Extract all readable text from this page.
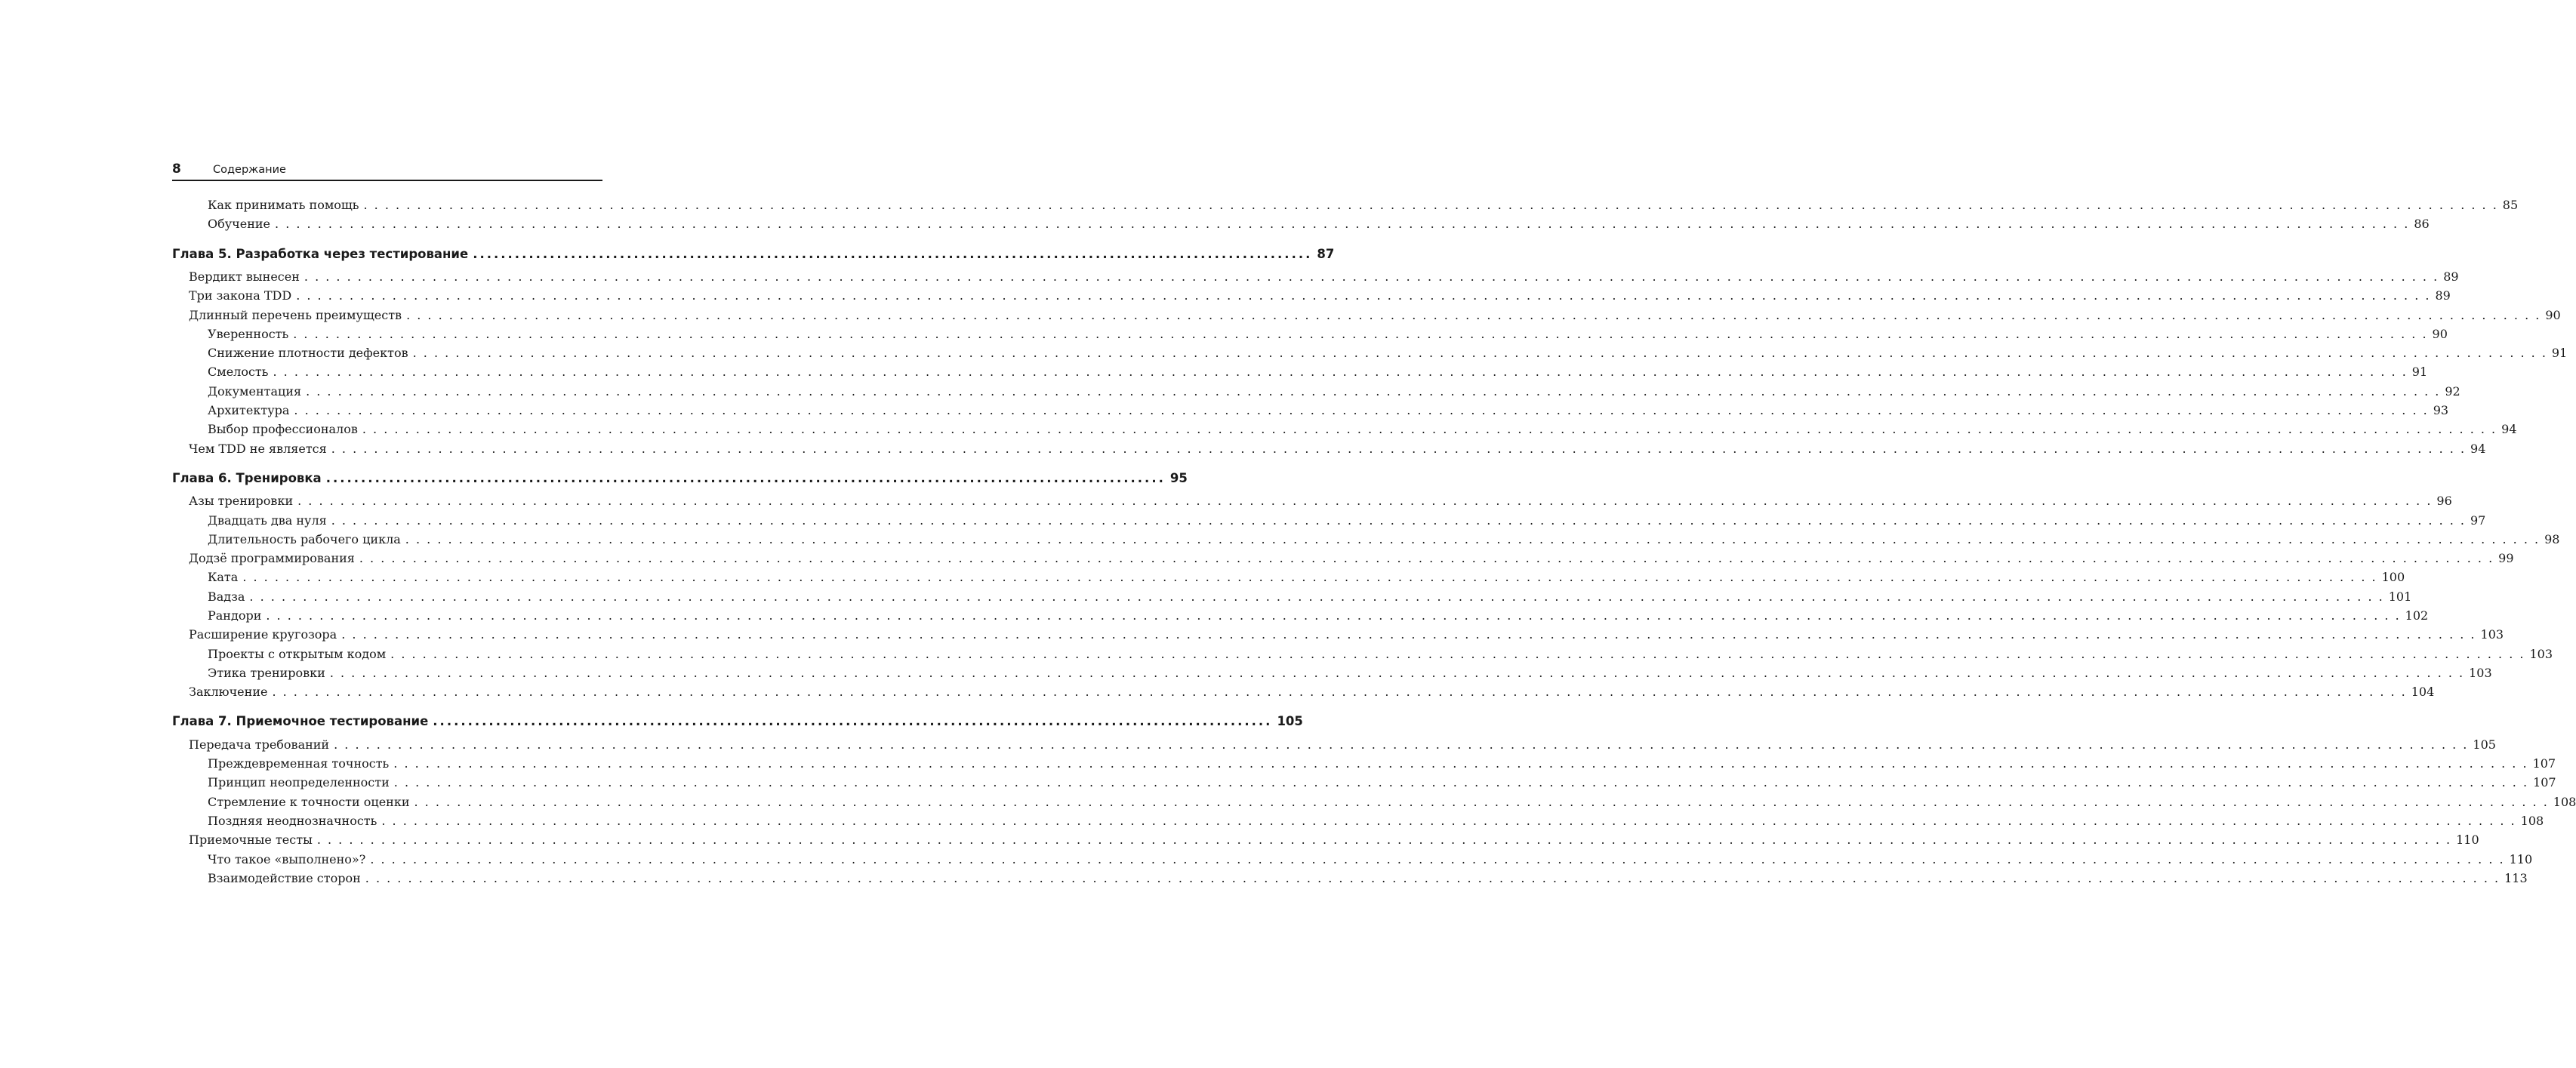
8	Содержание
Как принимать помощь . . . . . . . . . . . . . . . . . . . . . . . . . . . . . . . . . . . . . . . . . . . . . . . . . . . . . . . . . . . . . . . . . . . . . . . . . . . . . . . . . . . . . . . . . . . . . . . . . . . . . . . . . . . . . . . . . . . . . . . . . . . . . . . . . . . . . . . . . . . . . . . . . . . . . . . . . . . . . . . . . . . . . . . . . . . . . . . . . . . . . . . . . . . . . . . . . . . . . . . . 85
Обучение . . . . . . . . . . . . . . . . . . . . . . . . . . . . . . . . . . . . . . . . . . . . . . . . . . . . . . . . . . . . . . . . . . . . . . . . . . . . . . . . . . . . . . . . . . . . . . . . . . . . . . . . . . . . . . . . . . . . . . . . . . . . . . . . . . . . . . . . . . . . . . . . . . . . . . . . . . . . . . . . . . . . . . . . . . . . . . . . . . . . . . . . . . . . . . . . . . . . . . . . 86
Глава 5. Разработка через тестирование ........................................................................................................................ 87
Вердикт вынесен . . . . . . . . . . . . . . . . . . . . . . . . . . . . . . . . . . . . . . . . . . . . . . . . . . . . . . . . . . . . . . . . . . . . . . . . . . . . . . . . . . . . . . . . . . . . . . . . . . . . . . . . . . . . . . . . . . . . . . . . . . . . . . . . . . . . . . . . . . . . . . . . . . . . . . . . . . . . . . . . . . . . . . . . . . . . . . . . . . . . . . . . . . . . . . . . . . . . . . . . 89
Три закона TDD . . . . . . . . . . . . . . . . . . . . . . . . . . . . . . . . . . . . . . . . . . . . . . . . . . . . . . . . . . . . . . . . . . . . . . . . . . . . . . . . . . . . . . . . . . . . . . . . . . . . . . . . . . . . . . . . . . . . . . . . . . . . . . . . . . . . . . . . . . . . . . . . . . . . . . . . . . . . . . . . . . . . . . . . . . . . . . . . . . . . . . . . . . . . . . . . . . . . . . . . 89
Длинный перечень преимуществ . . . . . . . . . . . . . . . . . . . . . . . . . . . . . . . . . . . . . . . . . . . . . . . . . . . . . . . . . . . . . . . . . . . . . . . . . . . . . . . . . . . . . . . . . . . . . . . . . . . . . . . . . . . . . . . . . . . . . . . . . . . . . . . . . . . . . . . . . . . . . . . . . . . . . . . . . . . . . . . . . . . . . . . . . . . . . . . . . . . . . . . . . . . . . . . . . . . . . . . . 90
Уверенность . . . . . . . . . . . . . . . . . . . . . . . . . . . . . . . . . . . . . . . . . . . . . . . . . . . . . . . . . . . . . . . . . . . . . . . . . . . . . . . . . . . . . . . . . . . . . . . . . . . . . . . . . . . . . . . . . . . . . . . . . . . . . . . . . . . . . . . . . . . . . . . . . . . . . . . . . . . . . . . . . . . . . . . . . . . . . . . . . . . . . . . . . . . . . . . . . . . . . . . . 90
Снижение плотности дефектов . . . . . . . . . . . . . . . . . . . . . . . . . . . . . . . . . . . . . . . . . . . . . . . . . . . . . . . . . . . . . . . . . . . . . . . . . . . . . . . . . . . . . . . . . . . . . . . . . . . . . . . . . . . . . . . . . . . . . . . . . . . . . . . . . . . . . . . . . . . . . . . . . . . . . . . . . . . . . . . . . . . . . . . . . . . . . . . . . . . . . . . . . . . . . . . . . . . . . . . . 91
Смелость . . . . . . . . . . . . . . . . . . . . . . . . . . . . . . . . . . . . . . . . . . . . . . . . . . . . . . . . . . . . . . . . . . . . . . . . . . . . . . . . . . . . . . . . . . . . . . . . . . . . . . . . . . . . . . . . . . . . . . . . . . . . . . . . . . . . . . . . . . . . . . . . . . . . . . . . . . . . . . . . . . . . . . . . . . . . . . . . . . . . . . . . . . . . . . . . . . . . . . . . 91
Документация . . . . . . . . . . . . . . . . . . . . . . . . . . . . . . . . . . . . . . . . . . . . . . . . . . . . . . . . . . . . . . . . . . . . . . . . . . . . . . . . . . . . . . . . . . . . . . . . . . . . . . . . . . . . . . . . . . . . . . . . . . . . . . . . . . . . . . . . . . . . . . . . . . . . . . . . . . . . . . . . . . . . . . . . . . . . . . . . . . . . . . . . . . . . . . . . . . . . . . . . 92
Архитектура . . . . . . . . . . . . . . . . . . . . . . . . . . . . . . . . . . . . . . . . . . . . . . . . . . . . . . . . . . . . . . . . . . . . . . . . . . . . . . . . . . . . . . . . . . . . . . . . . . . . . . . . . . . . . . . . . . . . . . . . . . . . . . . . . . . . . . . . . . . . . . . . . . . . . . . . . . . . . . . . . . . . . . . . . . . . . . . . . . . . . . . . . . . . . . . . . . . . . . . . 93
Выбор профессионалов . . . . . . . . . . . . . . . . . . . . . . . . . . . . . . . . . . . . . . . . . . . . . . . . . . . . . . . . . . . . . . . . . . . . . . . . . . . . . . . . . . . . . . . . . . . . . . . . . . . . . . . . . . . . . . . . . . . . . . . . . . . . . . . . . . . . . . . . . . . . . . . . . . . . . . . . . . . . . . . . . . . . . . . . . . . . . . . . . . . . . . . . . . . . . . . . . . . . . . . . 94
Чем TDD не является . . . . . . . . . . . . . . . . . . . . . . . . . . . . . . . . . . . . . . . . . . . . . . . . . . . . . . . . . . . . . . . . . . . . . . . . . . . . . . . . . . . . . . . . . . . . . . . . . . . . . . . . . . . . . . . . . . . . . . . . . . . . . . . . . . . . . . . . . . . . . . . . . . . . . . . . . . . . . . . . . . . . . . . . . . . . . . . . . . . . . . . . . . . . . . . . . . . . . . . . 94
Глава 6. Тренировка ........................................................................................................................ 95
Азы тренировки . . . . . . . . . . . . . . . . . . . . . . . . . . . . . . . . . . . . . . . . . . . . . . . . . . . . . . . . . . . . . . . . . . . . . . . . . . . . . . . . . . . . . . . . . . . . . . . . . . . . . . . . . . . . . . . . . . . . . . . . . . . . . . . . . . . . . . . . . . . . . . . . . . . . . . . . . . . . . . . . . . . . . . . . . . . . . . . . . . . . . . . . . . . . . . . . . . . . . . . . 96
Двадцать два нуля . . . . . . . . . . . . . . . . . . . . . . . . . . . . . . . . . . . . . . . . . . . . . . . . . . . . . . . . . . . . . . . . . . . . . . . . . . . . . . . . . . . . . . . . . . . . . . . . . . . . . . . . . . . . . . . . . . . . . . . . . . . . . . . . . . . . . . . . . . . . . . . . . . . . . . . . . . . . . . . . . . . . . . . . . . . . . . . . . . . . . . . . . . . . . . . . . . . . . . . . 97
Длительность рабочего цикла . . . . . . . . . . . . . . . . . . . . . . . . . . . . . . . . . . . . . . . . . . . . . . . . . . . . . . . . . . . . . . . . . . . . . . . . . . . . . . . . . . . . . . . . . . . . . . . . . . . . . . . . . . . . . . . . . . . . . . . . . . . . . . . . . . . . . . . . . . . . . . . . . . . . . . . . . . . . . . . . . . . . . . . . . . . . . . . . . . . . . . . . . . . . . . . . . . . . . . . . 98
Додзё программирования . . . . . . . . . . . . . . . . . . . . . . . . . . . . . . . . . . . . . . . . . . . . . . . . . . . . . . . . . . . . . . . . . . . . . . . . . . . . . . . . . . . . . . . . . . . . . . . . . . . . . . . . . . . . . . . . . . . . . . . . . . . . . . . . . . . . . . . . . . . . . . . . . . . . . . . . . . . . . . . . . . . . . . . . . . . . . . . . . . . . . . . . . . . . . . . . . . . . . . . . 99
Ката . . . . . . . . . . . . . . . . . . . . . . . . . . . . . . . . . . . . . . . . . . . . . . . . . . . . . . . . . . . . . . . . . . . . . . . . . . . . . . . . . . . . . . . . . . . . . . . . . . . . . . . . . . . . . . . . . . . . . . . . . . . . . . . . . . . . . . . . . . . . . . . . . . . . . . . . . . . . . . . . . . . . . . . . . . . . . . . . . . . . . . . . . . . . . . . . . . . . . . . . 100
Вадза . . . . . . . . . . . . . . . . . . . . . . . . . . . . . . . . . . . . . . . . . . . . . . . . . . . . . . . . . . . . . . . . . . . . . . . . . . . . . . . . . . . . . . . . . . . . . . . . . . . . . . . . . . . . . . . . . . . . . . . . . . . . . . . . . . . . . . . . . . . . . . . . . . . . . . . . . . . . . . . . . . . . . . . . . . . . . . . . . . . . . . . . . . . . . . . . . . . . . . . . 101
Рандори . . . . . . . . . . . . . . . . . . . . . . . . . . . . . . . . . . . . . . . . . . . . . . . . . . . . . . . . . . . . . . . . . . . . . . . . . . . . . . . . . . . . . . . . . . . . . . . . . . . . . . . . . . . . . . . . . . . . . . . . . . . . . . . . . . . . . . . . . . . . . . . . . . . . . . . . . . . . . . . . . . . . . . . . . . . . . . . . . . . . . . . . . . . . . . . . . . . . . . . . 102
Расширение кругозора . . . . . . . . . . . . . . . . . . . . . . . . . . . . . . . . . . . . . . . . . . . . . . . . . . . . . . . . . . . . . . . . . . . . . . . . . . . . . . . . . . . . . . . . . . . . . . . . . . . . . . . . . . . . . . . . . . . . . . . . . . . . . . . . . . . . . . . . . . . . . . . . . . . . . . . . . . . . . . . . . . . . . . . . . . . . . . . . . . . . . . . . . . . . . . . . . . . . . . . . 103
Проекты с открытым кодом . . . . . . . . . . . . . . . . . . . . . . . . . . . . . . . . . . . . . . . . . . . . . . . . . . . . . . . . . . . . . . . . . . . . . . . . . . . . . . . . . . . . . . . . . . . . . . . . . . . . . . . . . . . . . . . . . . . . . . . . . . . . . . . . . . . . . . . . . . . . . . . . . . . . . . . . . . . . . . . . . . . . . . . . . . . . . . . . . . . . . . . . . . . . . . . . . . . . . . . . 103
Этика тренировки . . . . . . . . . . . . . . . . . . . . . . . . . . . . . . . . . . . . . . . . . . . . . . . . . . . . . . . . . . . . . . . . . . . . . . . . . . . . . . . . . . . . . . . . . . . . . . . . . . . . . . . . . . . . . . . . . . . . . . . . . . . . . . . . . . . . . . . . . . . . . . . . . . . . . . . . . . . . . . . . . . . . . . . . . . . . . . . . . . . . . . . . . . . . . . . . . . . . . . . . 103
Заключение . . . . . . . . . . . . . . . . . . . . . . . . . . . . . . . . . . . . . . . . . . . . . . . . . . . . . . . . . . . . . . . . . . . . . . . . . . . . . . . . . . . . . . . . . . . . . . . . . . . . . . . . . . . . . . . . . . . . . . . . . . . . . . . . . . . . . . . . . . . . . . . . . . . . . . . . . . . . . . . . . . . . . . . . . . . . . . . . . . . . . . . . . . . . . . . . . . . . . . . . 104
Глава 7. Приемочное тестирование ........................................................................................................................ 105
Передача требований . . . . . . . . . . . . . . . . . . . . . . . . . . . . . . . . . . . . . . . . . . . . . . . . . . . . . . . . . . . . . . . . . . . . . . . . . . . . . . . . . . . . . . . . . . . . . . . . . . . . . . . . . . . . . . . . . . . . . . . . . . . . . . . . . . . . . . . . . . . . . . . . . . . . . . . . . . . . . . . . . . . . . . . . . . . . . . . . . . . . . . . . . . . . . . . . . . . . . . . . 105
Преждевременная точность . . . . . . . . . . . . . . . . . . . . . . . . . . . . . . . . . . . . . . . . . . . . . . . . . . . . . . . . . . . . . . . . . . . . . . . . . . . . . . . . . . . . . . . . . . . . . . . . . . . . . . . . . . . . . . . . . . . . . . . . . . . . . . . . . . . . . . . . . . . . . . . . . . . . . . . . . . . . . . . . . . . . . . . . . . . . . . . . . . . . . . . . . . . . . . . . . . . . . . . . 107
Принцип неопределенности . . . . . . . . . . . . . . . . . . . . . . . . . . . . . . . . . . . . . . . . . . . . . . . . . . . . . . . . . . . . . . . . . . . . . . . . . . . . . . . . . . . . . . . . . . . . . . . . . . . . . . . . . . . . . . . . . . . . . . . . . . . . . . . . . . . . . . . . . . . . . . . . . . . . . . . . . . . . . . . . . . . . . . . . . . . . . . . . . . . . . . . . . . . . . . . . . . . . . . . . 107
Стремление к точности оценки . . . . . . . . . . . . . . . . . . . . . . . . . . . . . . . . . . . . . . . . . . . . . . . . . . . . . . . . . . . . . . . . . . . . . . . . . . . . . . . . . . . . . . . . . . . . . . . . . . . . . . . . . . . . . . . . . . . . . . . . . . . . . . . . . . . . . . . . . . . . . . . . . . . . . . . . . . . . . . . . . . . . . . . . . . . . . . . . . . . . . . . . . . . . . . . . . . . . . . . . 108
Поздняя неоднозначность . . . . . . . . . . . . . . . . . . . . . . . . . . . . . . . . . . . . . . . . . . . . . . . . . . . . . . . . . . . . . . . . . . . . . . . . . . . . . . . . . . . . . . . . . . . . . . . . . . . . . . . . . . . . . . . . . . . . . . . . . . . . . . . . . . . . . . . . . . . . . . . . . . . . . . . . . . . . . . . . . . . . . . . . . . . . . . . . . . . . . . . . . . . . . . . . . . . . . . . . 108
Приемочные тесты . . . . . . . . . . . . . . . . . . . . . . . . . . . . . . . . . . . . . . . . . . . . . . . . . . . . . . . . . . . . . . . . . . . . . . . . . . . . . . . . . . . . . . . . . . . . . . . . . . . . . . . . . . . . . . . . . . . . . . . . . . . . . . . . . . . . . . . . . . . . . . . . . . . . . . . . . . . . . . . . . . . . . . . . . . . . . . . . . . . . . . . . . . . . . . . . . . . . . . . . 110
Что такое «выполнено»? . . . . . . . . . . . . . . . . . . . . . . . . . . . . . . . . . . . . . . . . . . . . . . . . . . . . . . . . . . . . . . . . . . . . . . . . . . . . . . . . . . . . . . . . . . . . . . . . . . . . . . . . . . . . . . . . . . . . . . . . . . . . . . . . . . . . . . . . . . . . . . . . . . . . . . . . . . . . . . . . . . . . . . . . . . . . . . . . . . . . . . . . . . . . . . . . . . . . . . . . 110
Взаимодействие сторон . . . . . . . . . . . . . . . . . . . . . . . . . . . . . . . . . . . . . . . . . . . . . . . . . . . . . . . . . . . . . . . . . . . . . . . . . . . . . . . . . . . . . . . . . . . . . . . . . . . . . . . . . . . . . . . . . . . . . . . . . . . . . . . . . . . . . . . . . . . . . . . . . . . . . . . . . . . . . . . . . . . . . . . . . . . . . . . . . . . . . . . . . . . . . . . . . . . . . . . . 113
